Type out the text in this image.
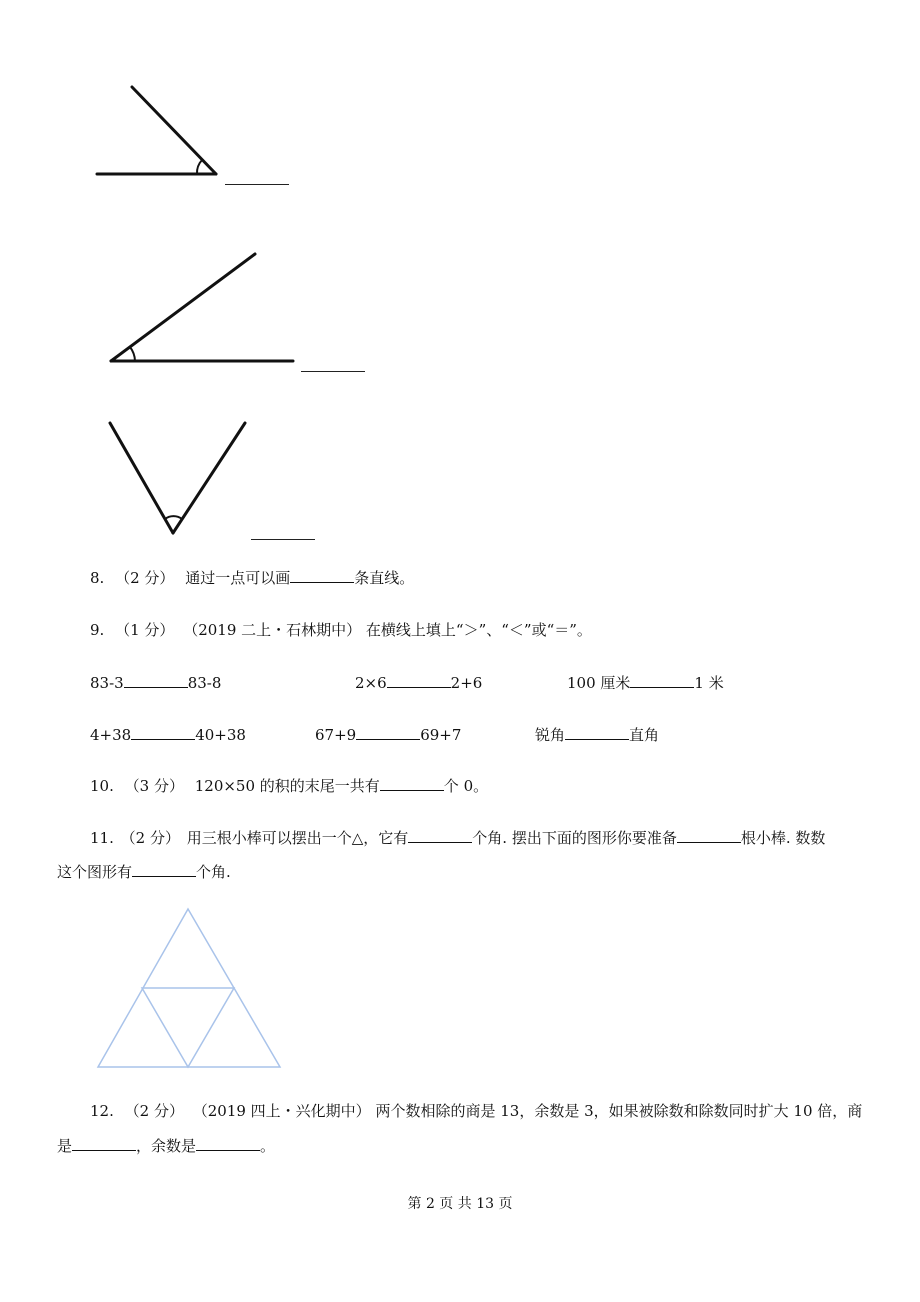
8. （2 分） 通过一点可以画	条直线。
9. （1 分） （2019 二上・石林期中） 在横线上填上“＞”、“＜”或“＝”。
83-3	83-8	2×6	2+6	100 厘米	1 米
4+38	40+38	67+9	69+7	锐角	直角
10. （3 分） 120×50 的积的末尾一共有	个 0。
11. （2 分） 用三根小棒可以摆出一个△，它有	个角. 摆出下面的图形你要准备	根小棒. 数数
这个图形有	个角.
12. （2 分） （2019 四上・兴化期中） 两个数相除的商是 13，余数是 3，如果被除数和除数同时扩大 10 倍，商
是	，余数是	。
第 2 页 共 13 页
